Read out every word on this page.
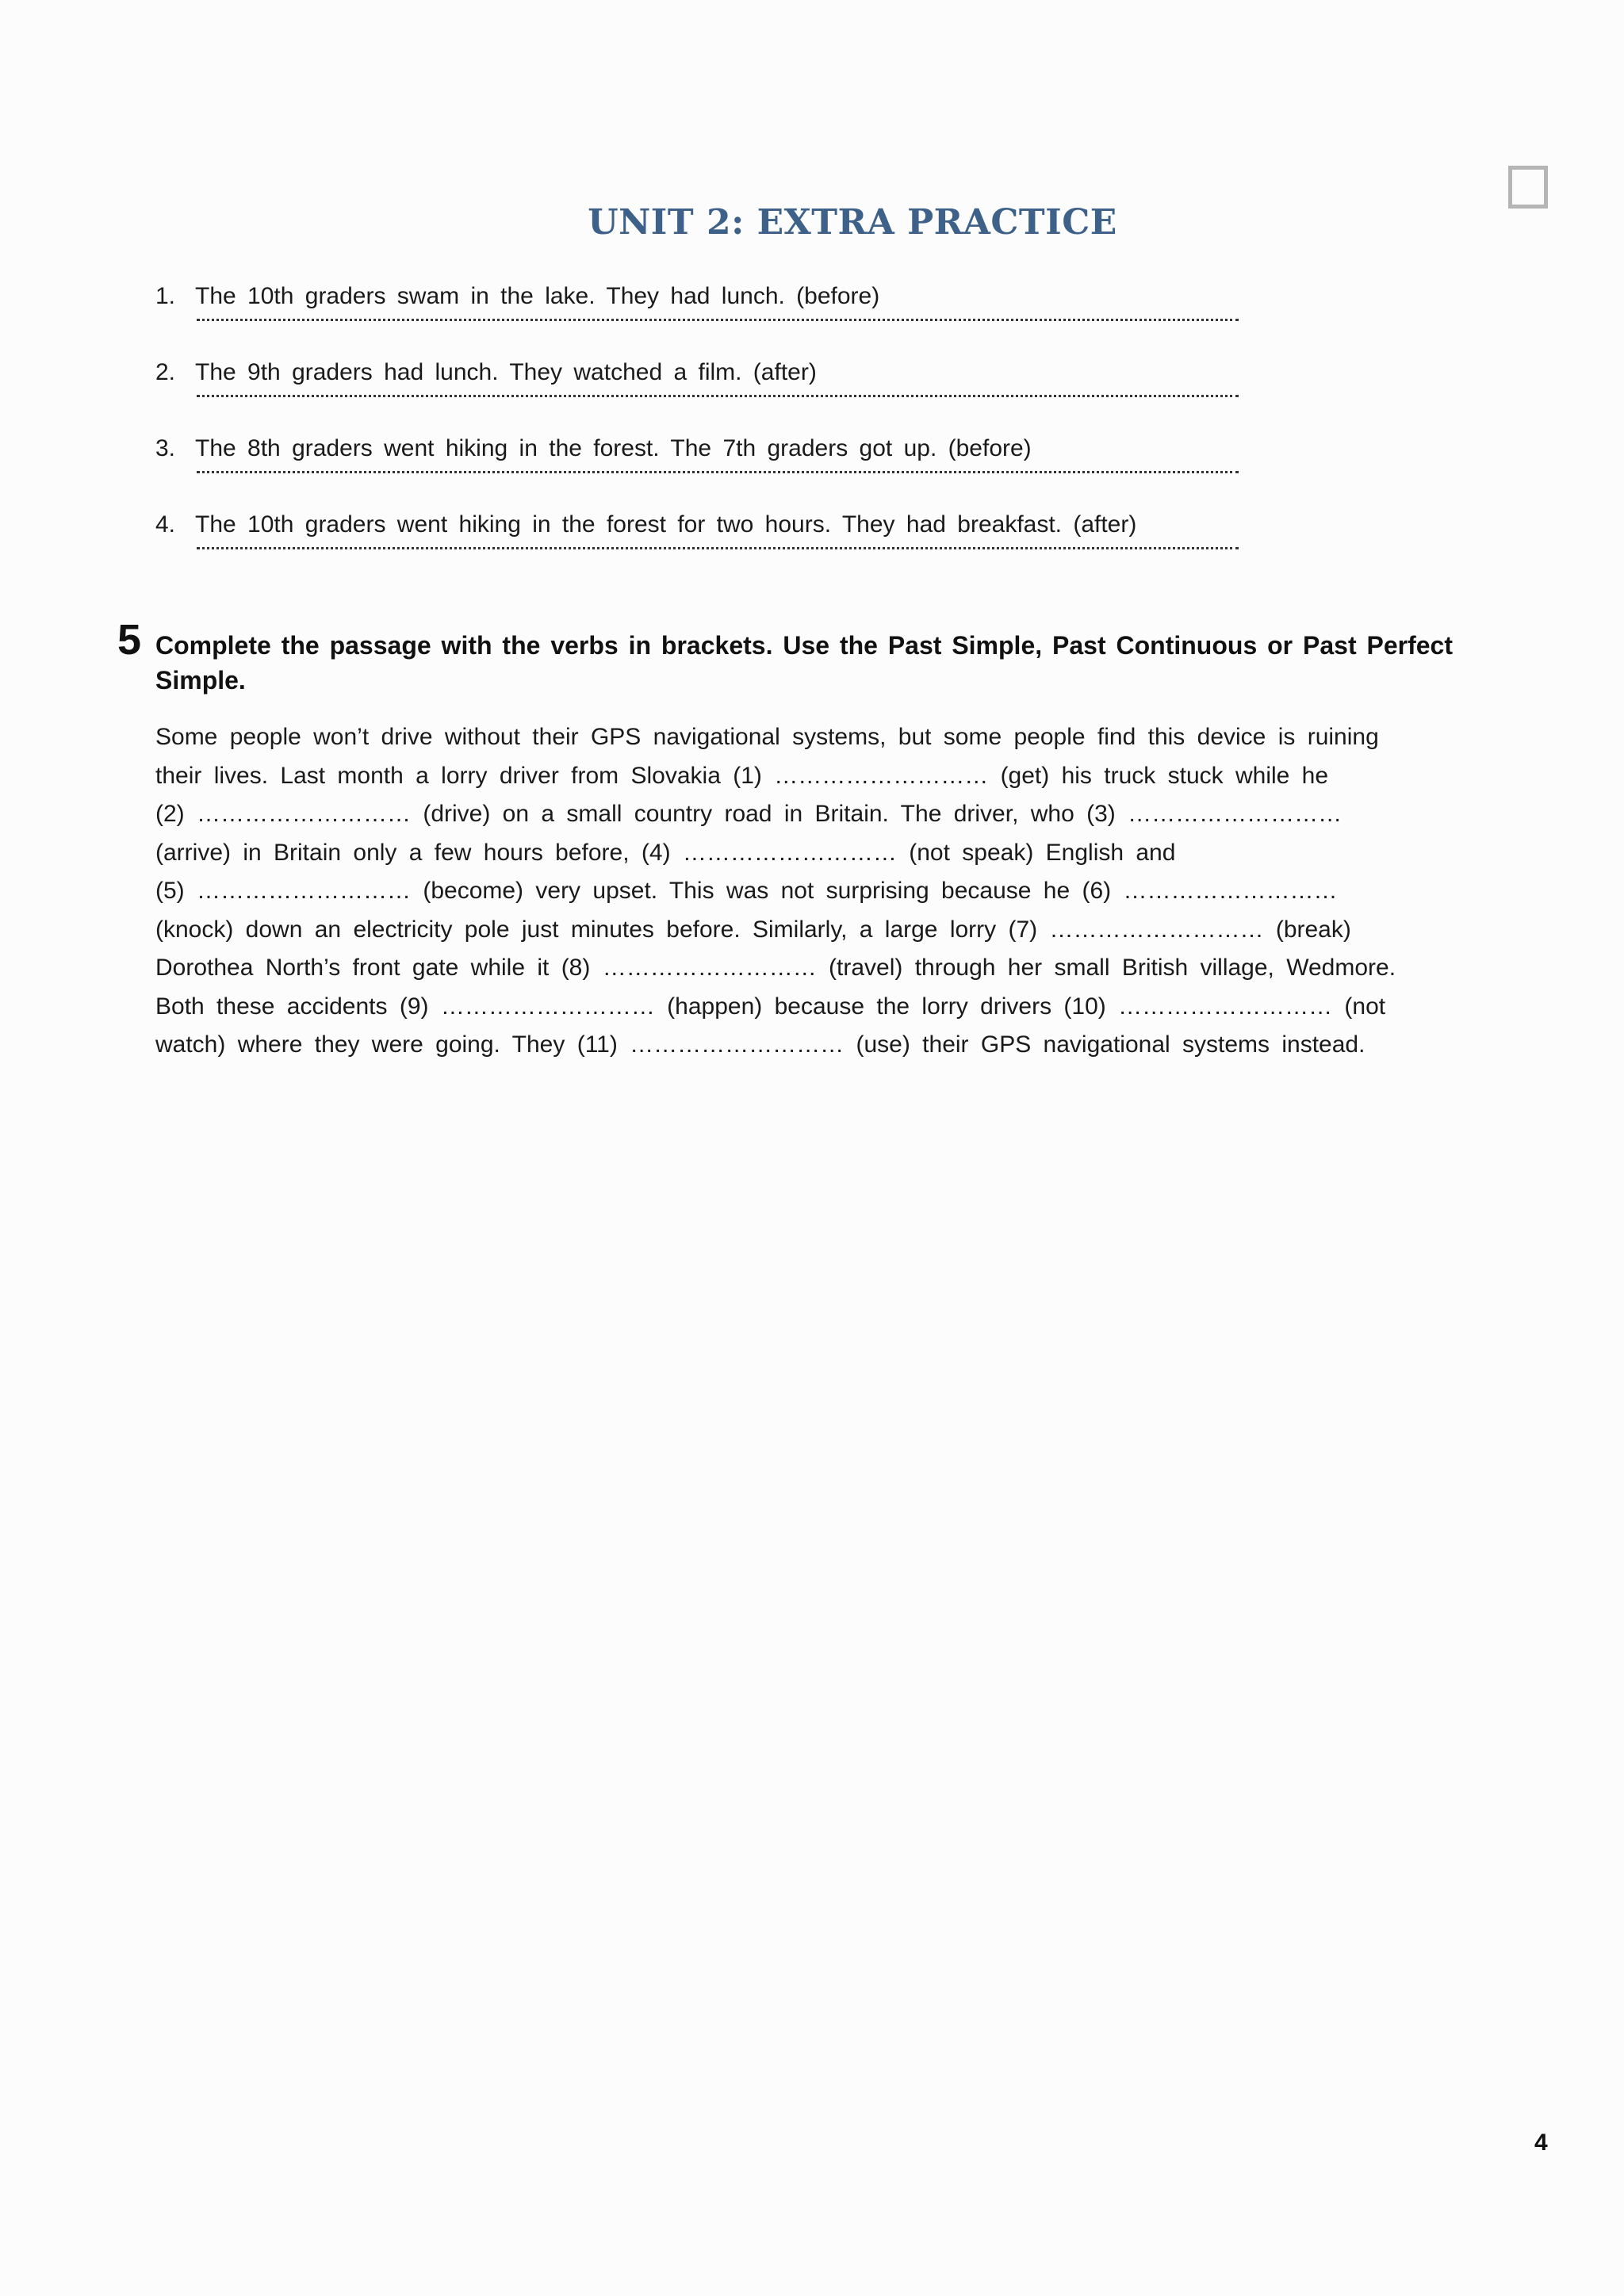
UNIT 2: EXTRA PRACTICE
1. The 10th graders swam in the lake. They had lunch. (before)
2. The 9th graders had lunch. They watched a film. (after)
3. The 8th graders went hiking in the forest. The 7th graders got up. (before)
4. The 10th graders went hiking in the forest for two hours. They had breakfast. (after)
5 Complete the passage with the verbs in brackets. Use the Past Simple, Past Continuous or Past Perfect Simple.
Some people won’t drive without their GPS navigational systems, but some people find this device is ruining
their lives. Last month a lorry driver from Slovakia (1) ……………………… (get) his truck stuck while he
(2) ……………………… (drive) on a small country road in Britain. The driver, who (3) ………………………
(arrive) in Britain only a few hours before, (4) ……………………… (not speak) English and
(5) ……………………… (become) very upset. This was not surprising because he (6) ………………………
(knock) down an electricity pole just minutes before. Similarly, a large lorry (7) ……………………… (break)
Dorothea North’s front gate while it (8) ……………………… (travel) through her small British village, Wedmore.
Both these accidents (9) ……………………… (happen) because the lorry drivers (10) ……………………… (not
watch) where they were going. They (11) ……………………… (use) their GPS navigational systems instead.
4
